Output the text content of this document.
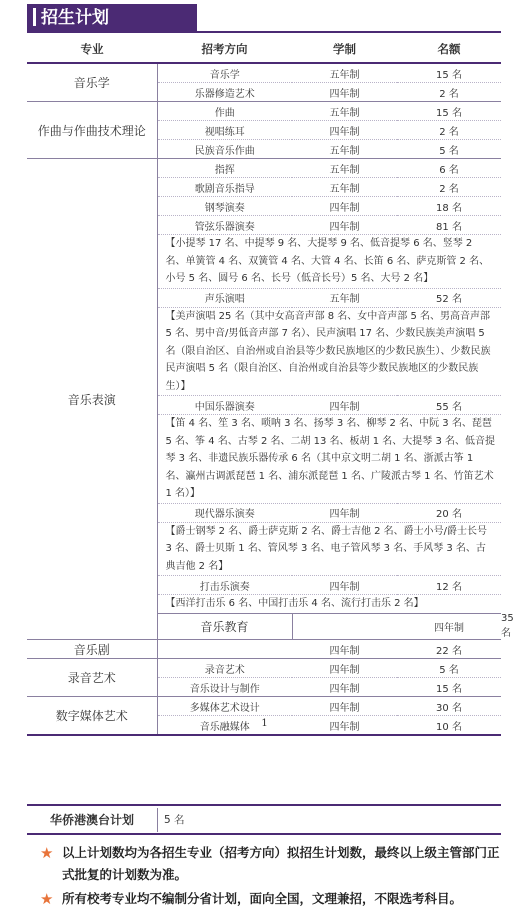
招生计划
专业	招考方向	学制	名额	
音乐学	音乐学	五年制	15 名	
	乐器修造艺术	四年制	2 名	
作曲与作曲技术理论	作曲	五年制	15 名	
	视唱练耳	四年制	2 名	
	民族音乐作曲	五年制	5 名	
音乐表演	指挥	五年制	6 名	
	歌剧音乐指导	五年制	2 名	
	钢琴演奏	四年制	18 名	
	管弦乐器演奏	四年制	81 名	
	【小提琴 17 名、中提琴 9 名、大提琴 9 名、低音提琴 6 名、竖琴 2 名、单簧管 4 名、双簧管 4 名、大管 4 名、长笛 6 名、萨克斯管 2 名、小号 5 名、圆号 6 名、长号（低音长号）5 名、大号 2 名】			
	声乐演唱	五年制	52 名	
	【美声演唱 25 名（其中女高音声部 8 名、女中音声部 5 名、男高音声部 5 名、男中音/男低音声部 7 名）、民声演唱 17 名、少数民族美声演唱 5 名（限自治区、自治州或自治县等少数民族地区的少数民族生）、少数民族民声演唱 5 名（限自治区、自治州或自治县等少数民族地区的少数民族生）】			
	中国乐器演奏	四年制	55 名	
	【笛 4 名、笙 3 名、唢呐 3 名、扬琴 3 名、柳琴 2 名、中阮 3 名、琵琶 5 名、筝 4 名、古琴 2 名、二胡 13 名、板胡 1 名、大提琴 3 名、低音提琴 3 名、非遗民族乐器传承 6 名（其中京文明二胡 1 名、浙派古筝 1 名、瀛州古调派琵琶 1 名、浦东派琵琶 1 名、广陵派古琴 1 名、竹笛艺术 1 名）】			
	现代器乐演奏	四年制	20 名	
	【爵士钢琴 2 名、爵士萨克斯 2 名、爵士吉他 2 名、爵士小号/爵士长号 3 名、爵士贝斯 1 名、管风琴 3 名、电子管风琴 3 名、手风琴 3 名、古典吉他 2 名】			
	打击乐演奏	四年制	12 名	
	【西洋打击乐 6 名、中国打击乐 4 名、流行打击乐 2 名】			
	音乐教育		四年制	35 名
音乐剧		四年制	22 名	
录音艺术	录音艺术	四年制	5 名	
	音乐设计与制作	四年制	15 名	
数字媒体艺术	多媒体艺术设计	四年制	30 名	
	音乐融媒体	四年制	10 名	
1
华侨港澳台计划	5 名
★ 以上计划数均为各招生专业（招考方向）拟招生计划数，最终以上级主管部门正式批复的计划数为准。
★ 所有校考专业均不编制分省计划，面向全国，文理兼招，不限选考科目。
